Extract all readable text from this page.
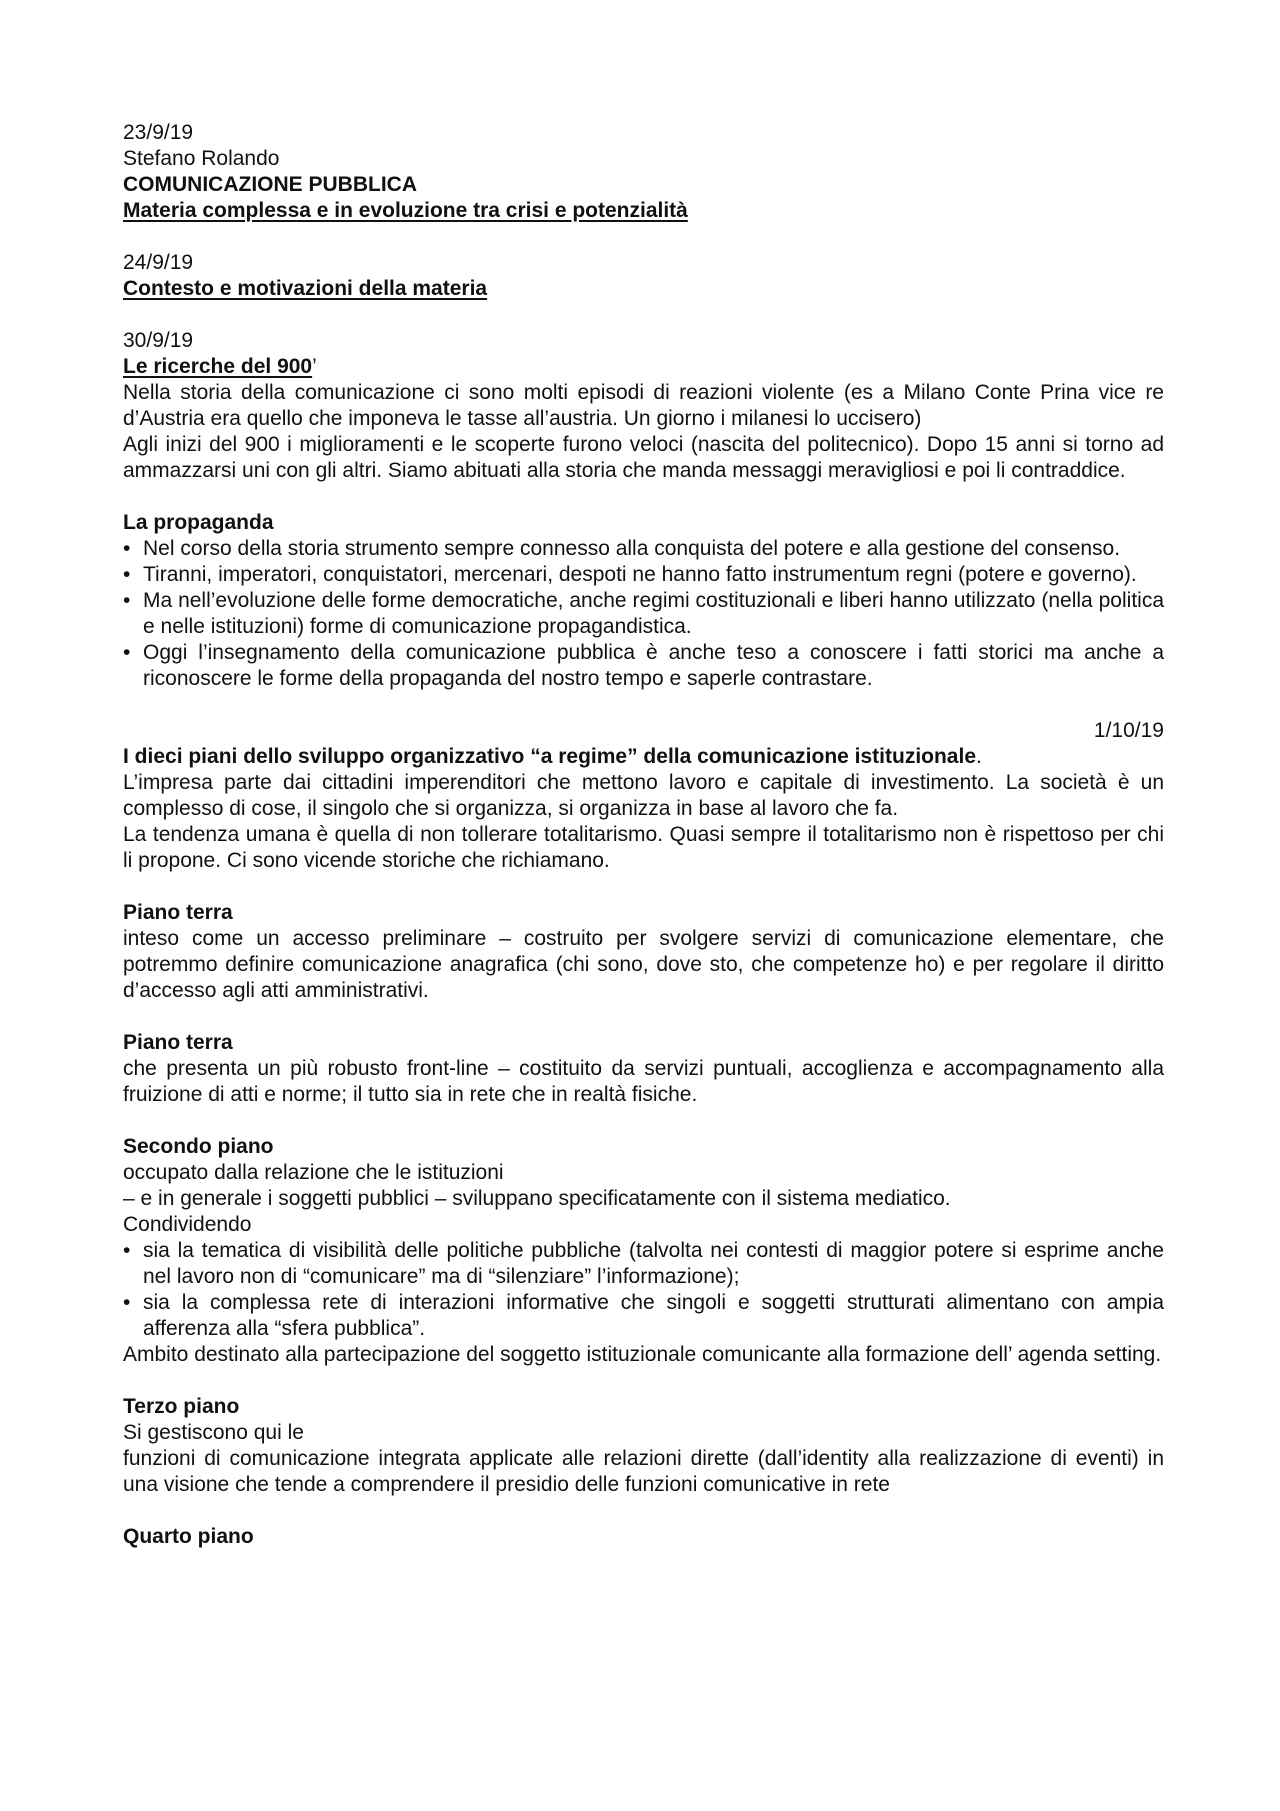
23/9/19

Stefano Rolando

COMUNICAZIONE PUBBLICA

Materia complessa e in evoluzione tra crisi e potenzialità

24/9/19

Contesto e motivazioni della materia

30/9/19

Le ricerche del 900’

Nella storia della comunicazione ci sono molti episodi di reazioni violente (es a Milano Conte Prina vice re d’Austria era quello che imponeva le tasse all’austria. Un giorno i milanesi lo uccisero)

Agli inizi del 900 i miglioramenti e le scoperte furono veloci (nascita del politecnico). Dopo 15 anni si torno ad ammazzarsi uni con gli altri. Siamo abituati alla storia che manda messaggi meravigliosi e poi li contraddice.

La propaganda

• Nel corso della storia strumento sempre connesso alla conquista del potere e alla gestione del consenso.
• Tiranni, imperatori, conquistatori, mercenari, despoti ne hanno fatto instrumentum regni (potere e governo).
• Ma nell’evoluzione delle forme democratiche, anche regimi costituzionali e liberi hanno utilizzato (nella politica e nelle istituzioni) forme di comunicazione propagandistica.
• Oggi l’insegnamento della comunicazione pubblica è anche teso a conoscere i fatti storici ma anche a riconoscere le forme della propaganda del nostro tempo e saperle contrastare.

1/10/19

I dieci piani dello sviluppo organizzativo “a regime” della comunicazione istituzionale.

L’impresa parte dai cittadini imperenditori che mettono lavoro e capitale di investimento. La società è un complesso di cose, il singolo che si organizza, si organizza in base al lavoro che fa.

La tendenza umana è quella di non tollerare totalitarismo. Quasi sempre il totalitarismo non è rispettoso per chi li propone. Ci sono vicende storiche che richiamano.

Piano terra

inteso come un accesso preliminare – costruito per svolgere servizi di comunicazione elementare, che potremmo definire comunicazione anagrafica (chi sono, dove sto, che competenze ho) e per regolare il diritto d’accesso agli atti amministrativi.

Piano terra

che presenta un più robusto front-line – costituito da servizi puntuali, accoglienza e accompagnamento alla fruizione di atti e norme; il tutto sia in rete che in realtà fisiche.

Secondo piano

occupato dalla relazione che le istituzioni

– e in generale i soggetti pubblici – sviluppano specificatamente con il sistema mediatico.

Condividendo

• sia la tematica di visibilità delle politiche pubbliche (talvolta nei contesti di maggior potere si esprime anche nel lavoro non di “comunicare” ma di “silenziare” l’informazione);
• sia la complessa rete di interazioni informative che singoli e soggetti strutturati alimentano con ampia afferenza alla “sfera pubblica”.

Ambito destinato alla partecipazione del soggetto istituzionale comunicante alla formazione dell’ agenda setting.

Terzo piano

Si gestiscono qui le

funzioni di comunicazione integrata applicate alle relazioni dirette (dall’identity alla realizzazione di eventi) in una visione che tende a comprendere il presidio delle funzioni comunicative in rete

Quarto piano
